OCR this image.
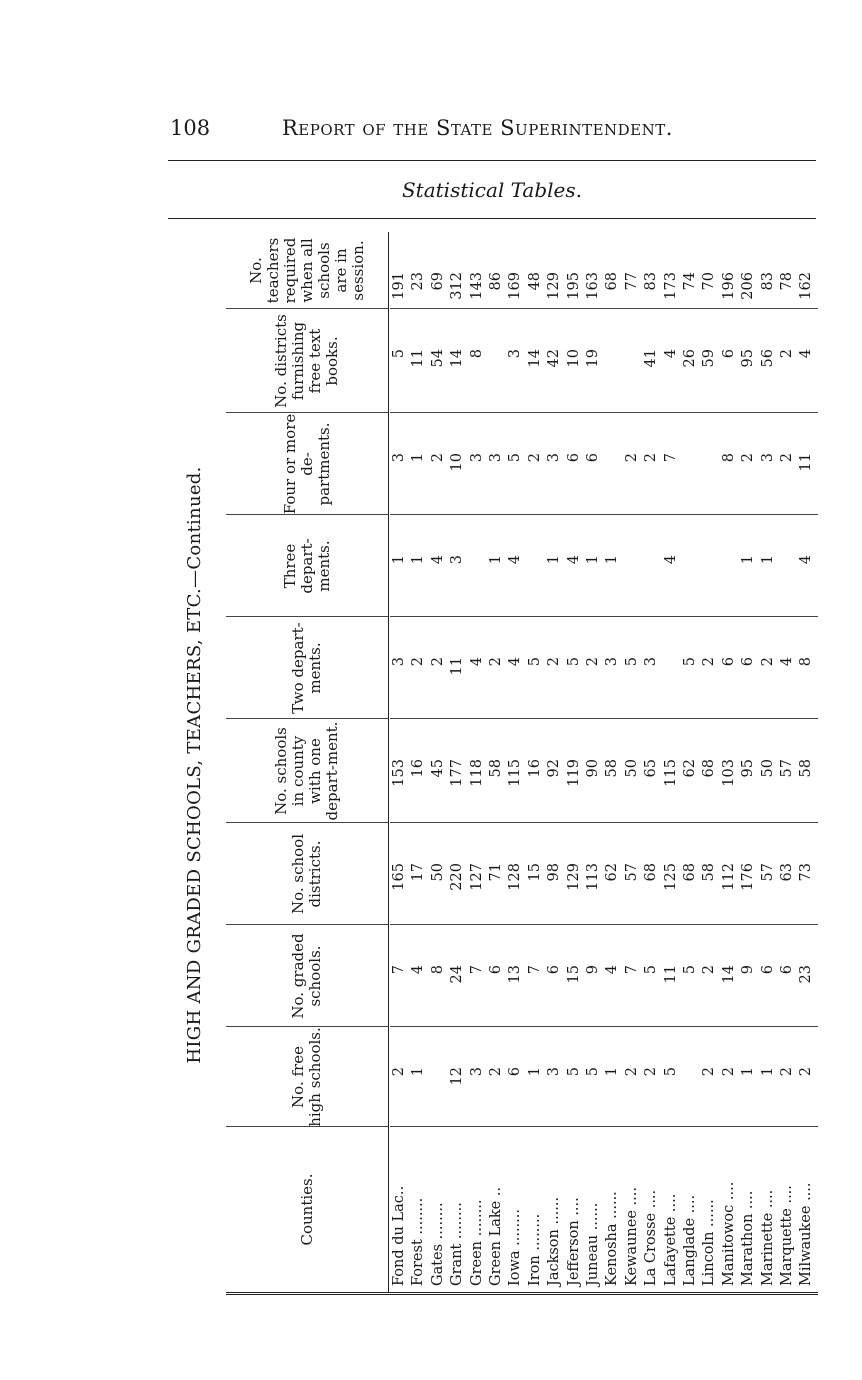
108	Report of the State Superintendent.
Statistical Tables.
HIGH AND GRADED SCHOOLS, TEACHERS, ETC.—Continued.
Counties.
No. free high schools.
No. graded schools.
No. school districts.
No. schools in county with one depart-ment.
Two depart-ments.
Three depart-ments.
Four or more de-partments.
No. districts furnishing free text books.
No. teachers required when all schools are in session.
Fond du Lac..
2
7
165
153
3
1
3
5
191
Forest ........
1
4
17
16
2
1
1
11
23
Gates ........
8
50
45
2
4
2
54
69
Grant ........
12
24
220
177
11
3
10
14
312
Green ........
3
7
127
118
4
3
8
143
Green Lake ..
2
6
71
58
2
1
3
86
Iowa ........
6
13
128
115
4
4
5
3
169
Iron ........
1
7
15
16
5
2
14
48
Jackson ......
3
6
98
92
2
1
3
42
129
Jefferson ....
5
15
129
119
5
4
6
10
195
Juneau ......
5
9
113
90
2
1
6
19
163
Kenosha ......
1
4
62
58
3
1
68
Kewaunee ....
2
7
57
50
5
2
77
La Crosse ....
2
5
68
65
3
2
41
83
Lafayette ....
5
11
125
115
4
7
4
173
Langlade ....
5
68
62
5
26
74
Lincoln ......
2
2
58
68
2
59
70
Manitowoc ....
2
14
112
103
6
8
6
196
Marathon ....
1
9
176
95
6
1
2
95
206
Marinette ....
1
6
57
50
2
1
3
56
83
Marquette ....
2
6
63
57
4
2
2
78
Milwaukee ....
2
23
73
58
8
4
11
4
162
